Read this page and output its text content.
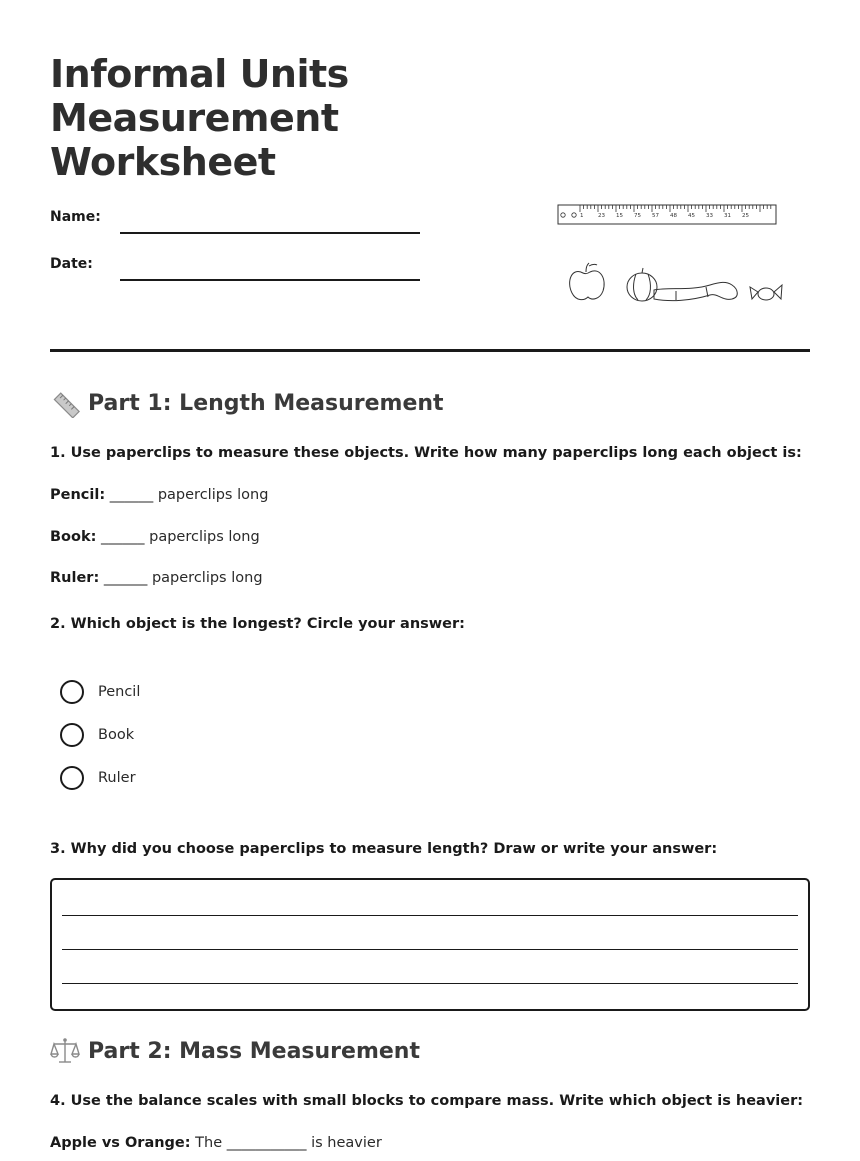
Informal Units
Measurement
Worksheet
Name:
Date:
1	23 15 75 57 48 45 33 31 25
Part 1: Length Measurement
1. Use paperclips to measure these objects. Write how many paperclips long each object is:
Pencil: ______ paperclips long
Book: ______ paperclips long
Ruler: ______ paperclips long
2. Which object is the longest? Circle your answer:
Pencil
Book
Ruler
3. Why did you choose paperclips to measure length? Draw or write your answer:
Part 2: Mass Measurement
4. Use the balance scales with small blocks to compare mass. Write which object is heavier:
Apple vs Orange: The ___________ is heavier
